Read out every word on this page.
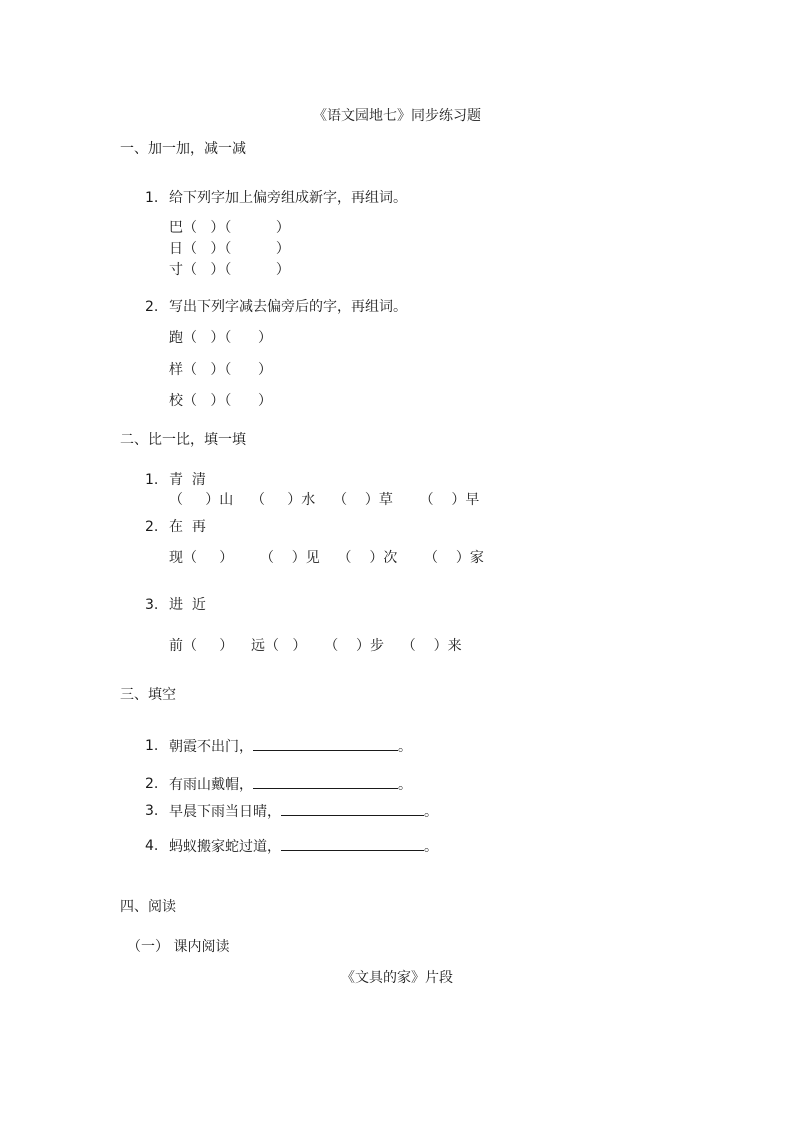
《语文园地七》同步练习题
一、加一加，减一减
1. 给下列字加上偏旁组成新字，再组词。
巴（   ）（          ）
日（   ）（          ）
寸（   ）（          ）
2. 写出下列字减去偏旁后的字，再组词。
跑（   ）（      ）
样（   ）（      ）
校（   ）（      ）
二、比一比，填一填
1. 青  清
（     ）山    （     ）水    （    ）草      （    ）早
2. 在  再
现（     ）      （    ）见    （    ）次      （    ）家
3. 进  近
前（     ）    远（   ）    （    ）步    （    ）来
三、填空
1. 朝霞不出门，	。
2. 有雨山戴帽，	。
3. 早晨下雨当日晴，	。
4. 蚂蚁搬家蛇过道，	。
四、阅读
（一） 课内阅读
《文具的家》片段
